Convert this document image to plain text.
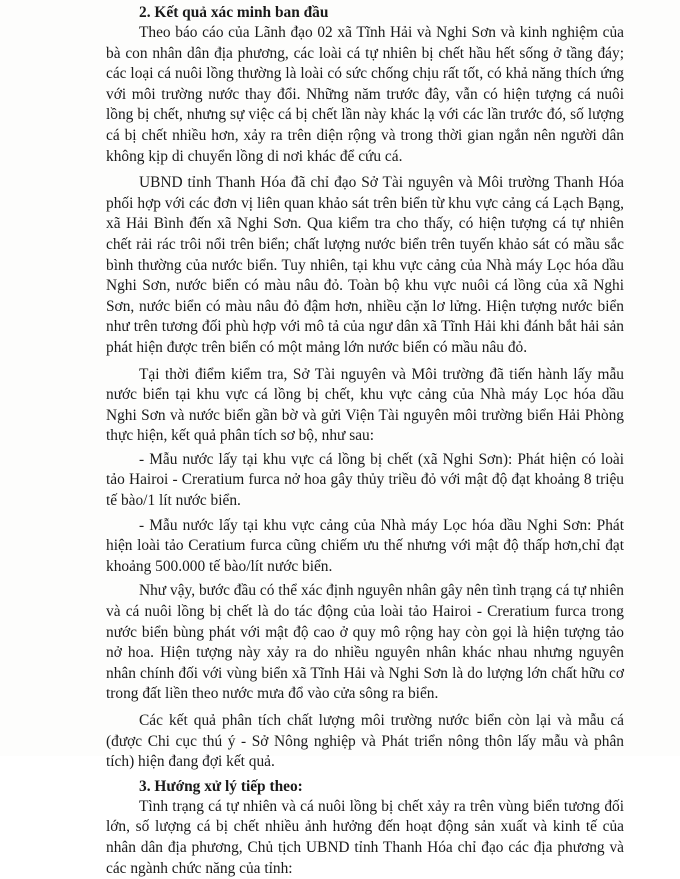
2. Kết quả xác minh ban đầu

Theo báo cáo của Lãnh đạo 02 xã Tĩnh Hải và Nghi Sơn và kinh nghiệm của bà con nhân dân địa phương, các loài cá tự nhiên bị chết hầu hết sống ở tầng đáy; các loại cá nuôi lồng thường là loài có sức chống chịu rất tốt, có khả năng thích ứng với môi trường nước thay đổi. Những năm trước đây, vẫn có hiện tượng cá nuôi lồng bị chết, nhưng sự việc cá bị chết lần này khác lạ với các lần trước đó, số lượng cá bị chết nhiều hơn, xảy ra trên diện rộng và trong thời gian ngắn nên người dân không kịp di chuyển lồng di nơi khác để cứu cá.

UBND tỉnh Thanh Hóa đã chỉ đạo Sở Tài nguyên và Môi trường Thanh Hóa phối hợp với các đơn vị liên quan khảo sát trên biển từ khu vực cảng cá Lạch Bạng, xã Hải Bình đến xã Nghi Sơn. Qua kiểm tra cho thấy, có hiện tượng cá tự nhiên chết rải rác trôi nổi trên biển; chất lượng nước biển trên tuyến khảo sát có mầu sắc bình thường của nước biển. Tuy nhiên, tại khu vực cảng của Nhà máy Lọc hóa dầu Nghi Sơn, nước biển có màu nâu đỏ. Toàn bộ khu vực nuôi cá lồng của xã Nghi Sơn, nước biển có màu nâu đỏ đậm hơn, nhiều cặn lơ lửng. Hiện tượng nước biển như trên tương đối phù hợp với mô tả của ngư dân xã Tĩnh Hải khi đánh bắt hải sản phát hiện được trên biển có một mảng lớn nước biển có mầu nâu đỏ.

Tại thời điểm kiểm tra, Sở Tài nguyên và Môi trường đã tiến hành lấy mẫu nước biển tại khu vực cá lồng bị chết, khu vực cảng của Nhà máy Lọc hóa dầu Nghi Sơn và nước biển gần bờ và gửi Viện Tài nguyên môi trường biển Hải Phòng thực hiện, kết quả phân tích sơ bộ, như sau:

- Mẫu nước lấy tại khu vực cá lồng bị chết (xã Nghi Sơn): Phát hiện có loài tảo Hairoi - Creratium furca nở hoa gây thủy triều đỏ với mật độ đạt khoảng 8 triệu tế bào/1 lít nước biển.

- Mẫu nước lấy tại khu vực cảng của Nhà máy Lọc hóa dầu Nghi Sơn: Phát hiện loài tảo Ceratium furca cũng chiếm ưu thế nhưng với mật độ thấp hơn,chỉ đạt khoảng 500.000 tế bào/lít nước biển.

Như vậy, bước đầu có thể xác định nguyên nhân gây nên tình trạng cá tự nhiên và cá nuôi lồng bị chết là do tác động của loài tảo Hairoi - Creratium furca trong nước biển bùng phát với mật độ cao ở quy mô rộng hay còn gọi là hiện tượng tảo nở hoa. Hiện tượng này xảy ra do nhiều nguyên nhân khác nhau nhưng nguyên nhân chính đối với vùng biển xã Tĩnh Hải và Nghi Sơn là do lượng lớn chất hữu cơ trong đất liền theo nước mưa đổ vào cửa sông ra biển.

Các kết quả phân tích chất lượng môi trường nước biển còn lại và mẫu cá (được Chi cục thú ý - Sở Nông nghiệp và Phát triển nông thôn lấy mẫu và phân tích) hiện đang đợi kết quả.

3. Hướng xử lý tiếp theo:

Tình trạng cá tự nhiên và cá nuôi lồng bị chết xảy ra trên vùng biển tương đối lớn, số lượng cá bị chết nhiều ảnh hưởng đến hoạt động sản xuất và kinh tế của nhân dân địa phương, Chủ tịch UBND tỉnh Thanh Hóa chỉ đạo các địa phương và các ngành chức năng của tỉnh:
